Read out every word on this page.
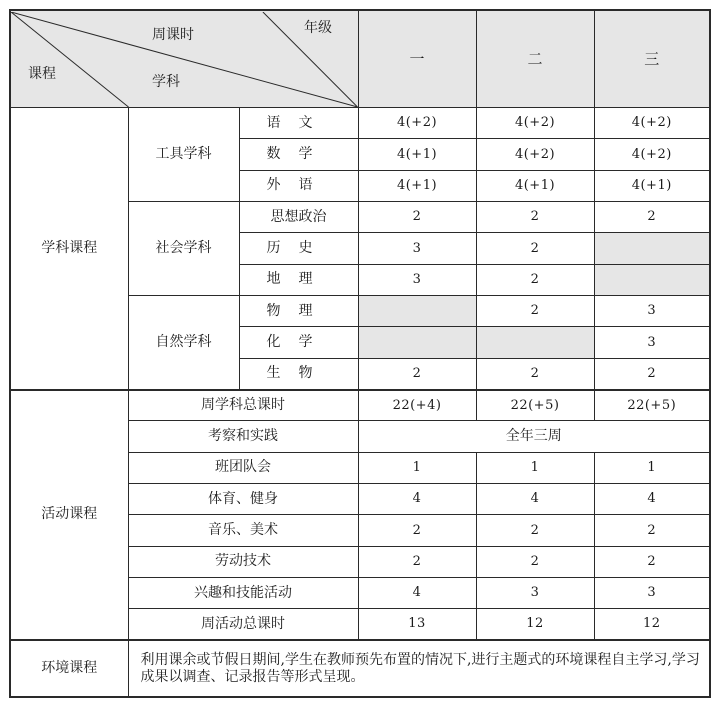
周课时 年级
课程 学科			一	二	三
学科课程	工具学科	语文	4(+2)	4(+2)	4(+2)
		数学	4(+1)	4(+2)	4(+2)
		外语	4(+1)	4(+1)	4(+1)
	社会学科	思想政治	2	2	2
		历史	3	2	
		地理	3	2	
	自然学科	物理		2	3
		化学			3
		生物	2	2	2
活动课程	周学科总课时		22(+4)	22(+5)	22(+5)
	考察和实践		全年三周		
	班团队会		1	1	1
	体育、健身		4	4	4
	音乐、美术		2	2	2
	劳动技术		2	2	2
	兴趣和技能活动		4	3	3
	周活动总课时		13	12	12
环境课程	利用课余或节假日期间,学生在教师预先布置的情况下,进行主题式的环境课程自主学习,学习成果以调查、记录报告等形式呈现。				
